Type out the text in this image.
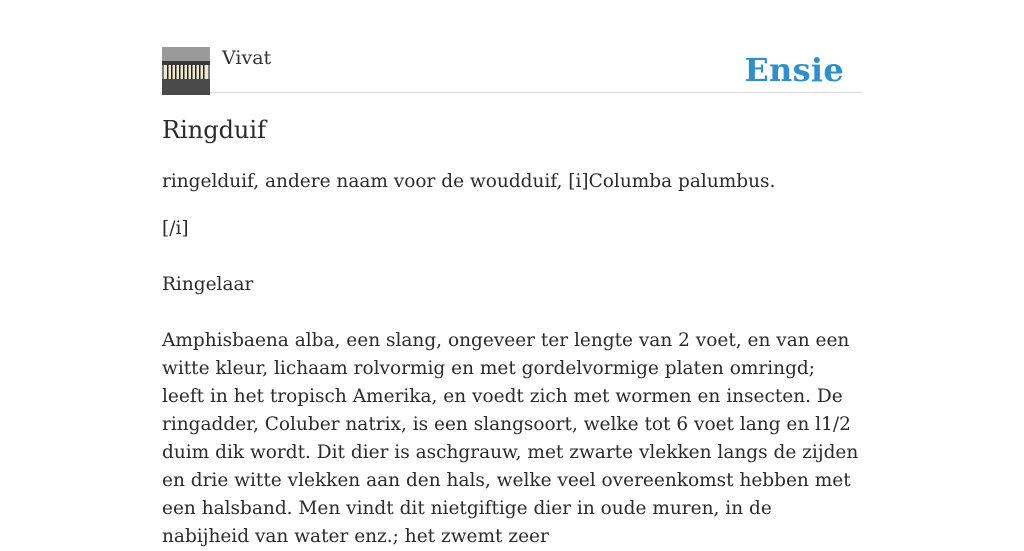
Vivat	Ensie
Ringduif

ringelduif, andere naam voor de woudduif, [i]Columba palumbus.

[/i]

Ringelaar

Amphisbaena alba, een slang, ongeveer ter lengte van 2 voet, en van een witte kleur, lichaam rolvormig en met gordelvormige platen omringd; leeft in het tropisch Amerika, en voedt zich met wormen en insecten. De ringadder, Coluber natrix, is een slangsoort, welke tot 6 voet lang en l1/2 duim dik wordt. Dit dier is aschgrauw, met zwarte vlekken langs de zijden en drie witte vlekken aan den hals, welke veel overeenkomst hebben met een halsband. Men vindt dit nietgiftige dier in oude muren, in de nabijheid van water enz.; het zwemt zeer
